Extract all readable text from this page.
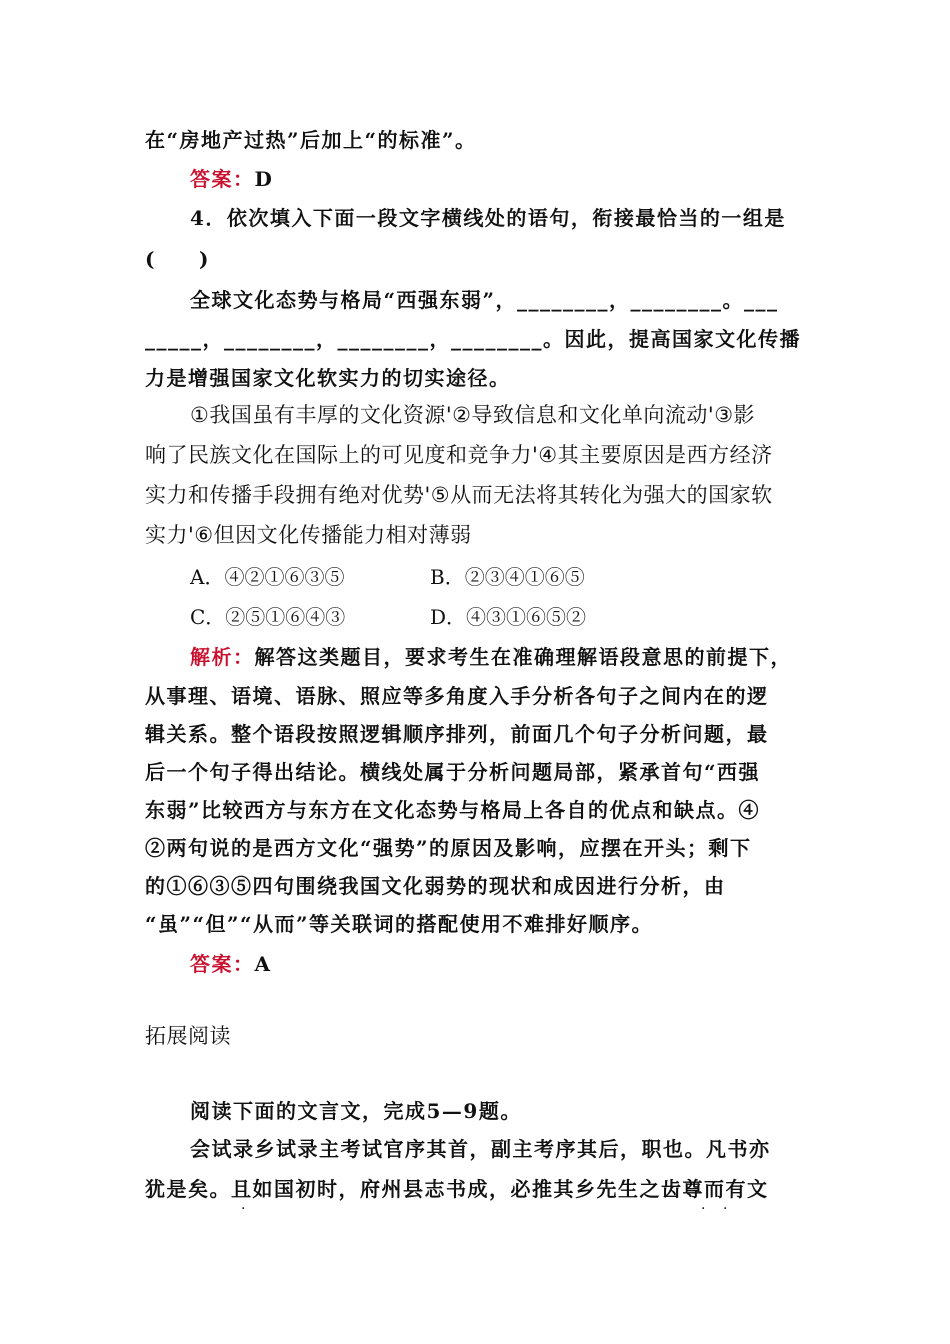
在“房地产过热”后加上“的标准”。
答案：D
4．依次填入下面一段文字横线处的语句，衔接最恰当的一组是
(　　)
全球文化态势与格局“西强东弱”，________，________。___
_____，________，________，________。因此，提高国家文化传播
力是增强国家文化软实力的切实途径。
①我国虽有丰厚的文化资源'②导致信息和文化单向流动'③影
响了民族文化在国际上的可见度和竞争力'④其主要原因是西方经济
实力和传播手段拥有绝对优势'⑤从而无法将其转化为强大的国家软
实力'⑥但因文化传播能力相对薄弱
A．④②①⑥③⑤	B．②③④①⑥⑤
C．②⑤①⑥④③	D．④③①⑥⑤②
解析：解答这类题目，要求考生在准确理解语段意思的前提下，
从事理、语境、语脉、照应等多角度入手分析各句子之间内在的逻
辑关系。整个语段按照逻辑顺序排列，前面几个句子分析问题，最
后一个句子得出结论。横线处属于分析问题局部，紧承首句“西强
东弱”比较西方与东方在文化态势与格局上各自的优点和缺点。④
②两句说的是西方文化“强势”的原因及影响，应摆在开头；剩下
的①⑥③⑤四句围绕我国文化弱势的现状和成因进行分析，由
“虽”“但”“从而”等关联词的搭配使用不难排好顺序。
答案：A
拓展阅读
阅读下面的文言文，完成5—9题。
会试录乡试录主考试官序其首，副主考序其后，职也。凡书亦
犹是矣。且如国初时，府州县志书成，必推其乡先生之齿尊而有文
·	· ·
